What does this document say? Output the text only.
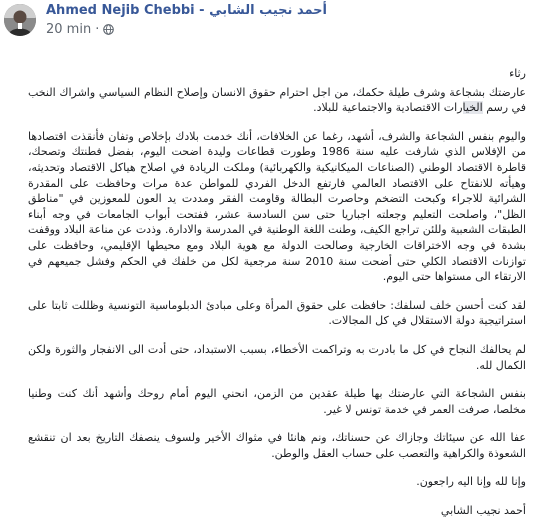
Ahmed Nejib Chebbi - أحمد نجيب الشابي
20 min ·

رثاء

عارضتك بشجاعة وشرف طيلة حكمك، من اجل احترام حقوق الانسان وإصلاح النظام السياسي واشراك النخب في رسم الخيارات الاقتصادية والاجتماعية للبلاد.

واليوم بنفس الشجاعة والشرف، أشهد، رغما عن الخلافات، أنك خدمت بلادك بإخلاص وتفان فأنقذت اقتصادها من الإفلاس الذي شارفت عليه سنة 1986 وطورت قطاعات وليدة اضحت اليوم، بفضل فطنتك وتصحك، قاطرة الاقتصاد الوطني (الصناعات الميكانيكية والكهربائية) وملكت الريادة في اصلاح هياكل الاقتصاد وتحديثه، وهيأته للانفتاح على الاقتصاد العالمي فارتفع الدخل الفردي للمواطن عدة مرات وحافظت على المقدرة الشرائية للاجراء وكبحت التضخم وحاصرت البطالة وقاومت الفقر ومددت يد العون للمعوزين في "مناطق الظل"، واصلحت التعليم وجعلته اجباريا حتى سن السادسة عشر، ففتحت أبواب الجامعات في وجه أبناء الطبقات الشعبية وللئن تراجع الكيف، وطنت اللغة الوطنية في المدرسة والادارة. وذدت عن مناعة البلاد ووقفت بشدة في وجه الاختراقات الخارجية وصالحت الدولة مع هوية البلاد ومع محيطها الإقليمي، وحافظت على توازنات الاقتصاد الكلي حتى أضحت سنة 2010 سنة مرجعية لكل من خلفك في الحكم وفشل جميعهم في الارتقاء الى مستواها حتى اليوم.

لقد كنت أحسن خلف لسلفك: حافظت على حقوق المرأة وعلى مبادئ الدبلوماسية التونسية وظللت ثابتا على استراتيجية دولة الاستقلال في كل المجالات.

لم يحالفك النجاح في كل ما بادرت به وتراكمت الأخطاء، بسبب الاستبداد، حتى أدت الى الانفجار والثورة ولكن الكمال لله.

بنفس الشجاعة التي عارضتك بها طيلة عقدين من الزمن، انحني اليوم أمام روحك وأشهد أنك كنت وطنيا مخلصا، صرفت العمر في خدمة تونس لا غير.

عفا الله عن سيئاتك وجازاك عن حسناتك، ونم هانئا في مثواك الأخير ولسوف ينصفك التاريخ بعد ان تنقشع الشعوذة والكراهية والتعصب على حساب العقل والوطن.

وإنا لله وإنا اليه راجعون.

أحمد نجيب الشابي
